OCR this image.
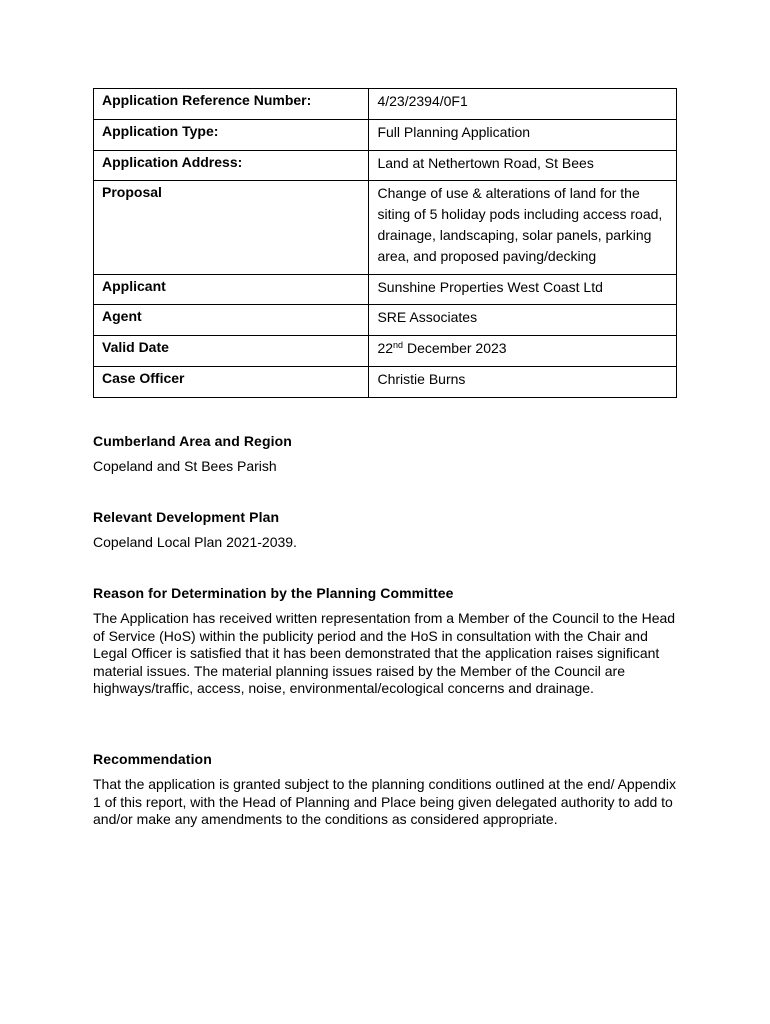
Application Reference Number:	4/23/2394/0F1
Application Type:	Full Planning Application
Application Address:	Land at Nethertown Road, St Bees
Proposal	Change of use & alterations of land for the siting of 5 holiday pods including access road, drainage, landscaping, solar panels, parking area, and proposed paving/decking
Applicant	Sunshine Properties West Coast Ltd
Agent	SRE Associates
Valid Date	22nd December 2023
Case Officer	Christie Burns
Cumberland Area and Region

Copeland and St Bees Parish

Relevant Development Plan

Copeland Local Plan 2021-2039.

Reason for Determination by the Planning Committee

The Application has received written representation from a Member of the Council to the Head of Service (HoS) within the publicity period and the HoS in consultation with the Chair and Legal Officer is satisfied that it has been demonstrated that the application raises significant material issues. The material planning issues raised by the Member of the Council are highways/traffic, access, noise, environmental/ecological concerns and drainage.

Recommendation

That the application is granted subject to the planning conditions outlined at the end/ Appendix 1 of this report, with the Head of Planning and Place being given delegated authority to add to and/or make any amendments to the conditions as considered appropriate.
